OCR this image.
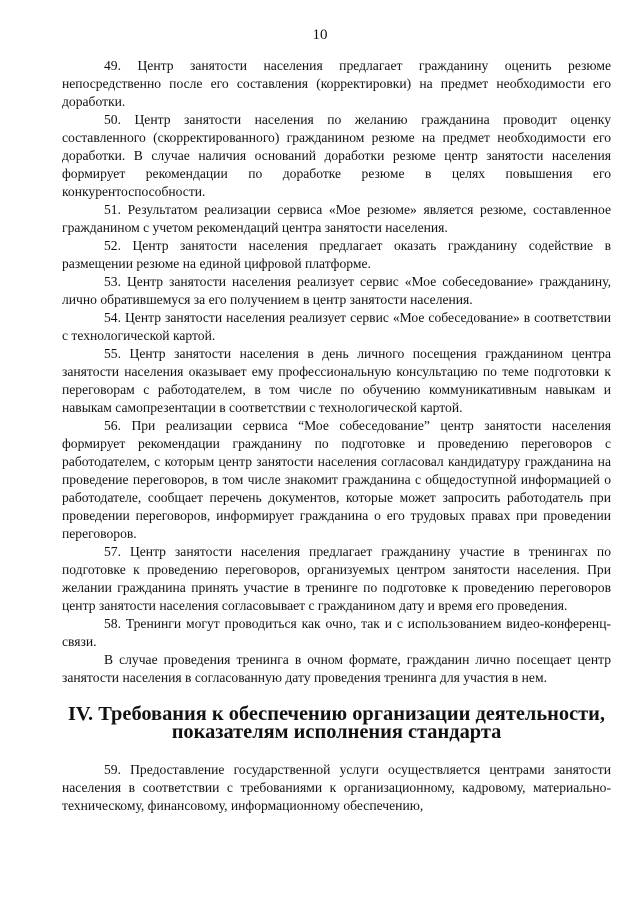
10

49. Центр занятости населения предлагает гражданину оценить резюме непосредственно после его составления (корректировки) на предмет необходимости его доработки.

50. Центр занятости населения по желанию гражданина проводит оценку составленного (скорректированного) гражданином резюме на предмет необходимости его доработки. В случае наличия оснований доработки резюме центр занятости населения формирует рекомендации по доработке резюме в целях повышения его конкурентоспособности.

51. Результатом реализации сервиса «Мое резюме» является резюме, составленное гражданином с учетом рекомендаций центра занятости населения.

52. Центр занятости населения предлагает оказать гражданину содействие в размещении резюме на единой цифровой платформе.

53. Центр занятости населения реализует сервис «Мое собеседование» гражданину, лично обратившемуся за его получением в центр занятости населения.

54. Центр занятости населения реализует сервис «Мое собеседование» в соответствии с технологической картой.

55. Центр занятости населения в день личного посещения гражданином центра занятости населения оказывает ему профессиональную консультацию по теме подготовки к переговорам с работодателем, в том числе по обучению коммуникативным навыкам и навыкам самопрезентации в соответствии с технологической картой.

56. При реализации сервиса “Мое собеседование” центр занятости населения формирует рекомендации гражданину по подготовке и проведению переговоров с работодателем, с которым центр занятости населения согласовал кандидатуру гражданина на проведение переговоров, в том числе знакомит гражданина с общедоступной информацией о работодателе, сообщает перечень документов, которые может запросить работодатель при проведении переговоров, информирует гражданина о его трудовых правах при проведении переговоров.

57. Центр занятости населения предлагает гражданину участие в тренингах по подготовке к проведению переговоров, организуемых центром занятости населения. При желании гражданина принять участие в тренинге по подготовке к проведению переговоров центр занятости населения согласовывает с гражданином дату и время его проведения.

58. Тренинги могут проводиться как очно, так и с использованием видео-конференц-связи.

В случае проведения тренинга в очном формате, гражданин лично посещает центр занятости населения в согласованную дату проведения тренинга для участия в нем.

IV. Требования к обеспечению организации деятельности,
показателям исполнения стандарта

59. Предоставление государственной услуги осуществляется центрами занятости населения в соответствии с требованиями к организационному, кадровому, материально-техническому, финансовому, информационному обеспечению,
